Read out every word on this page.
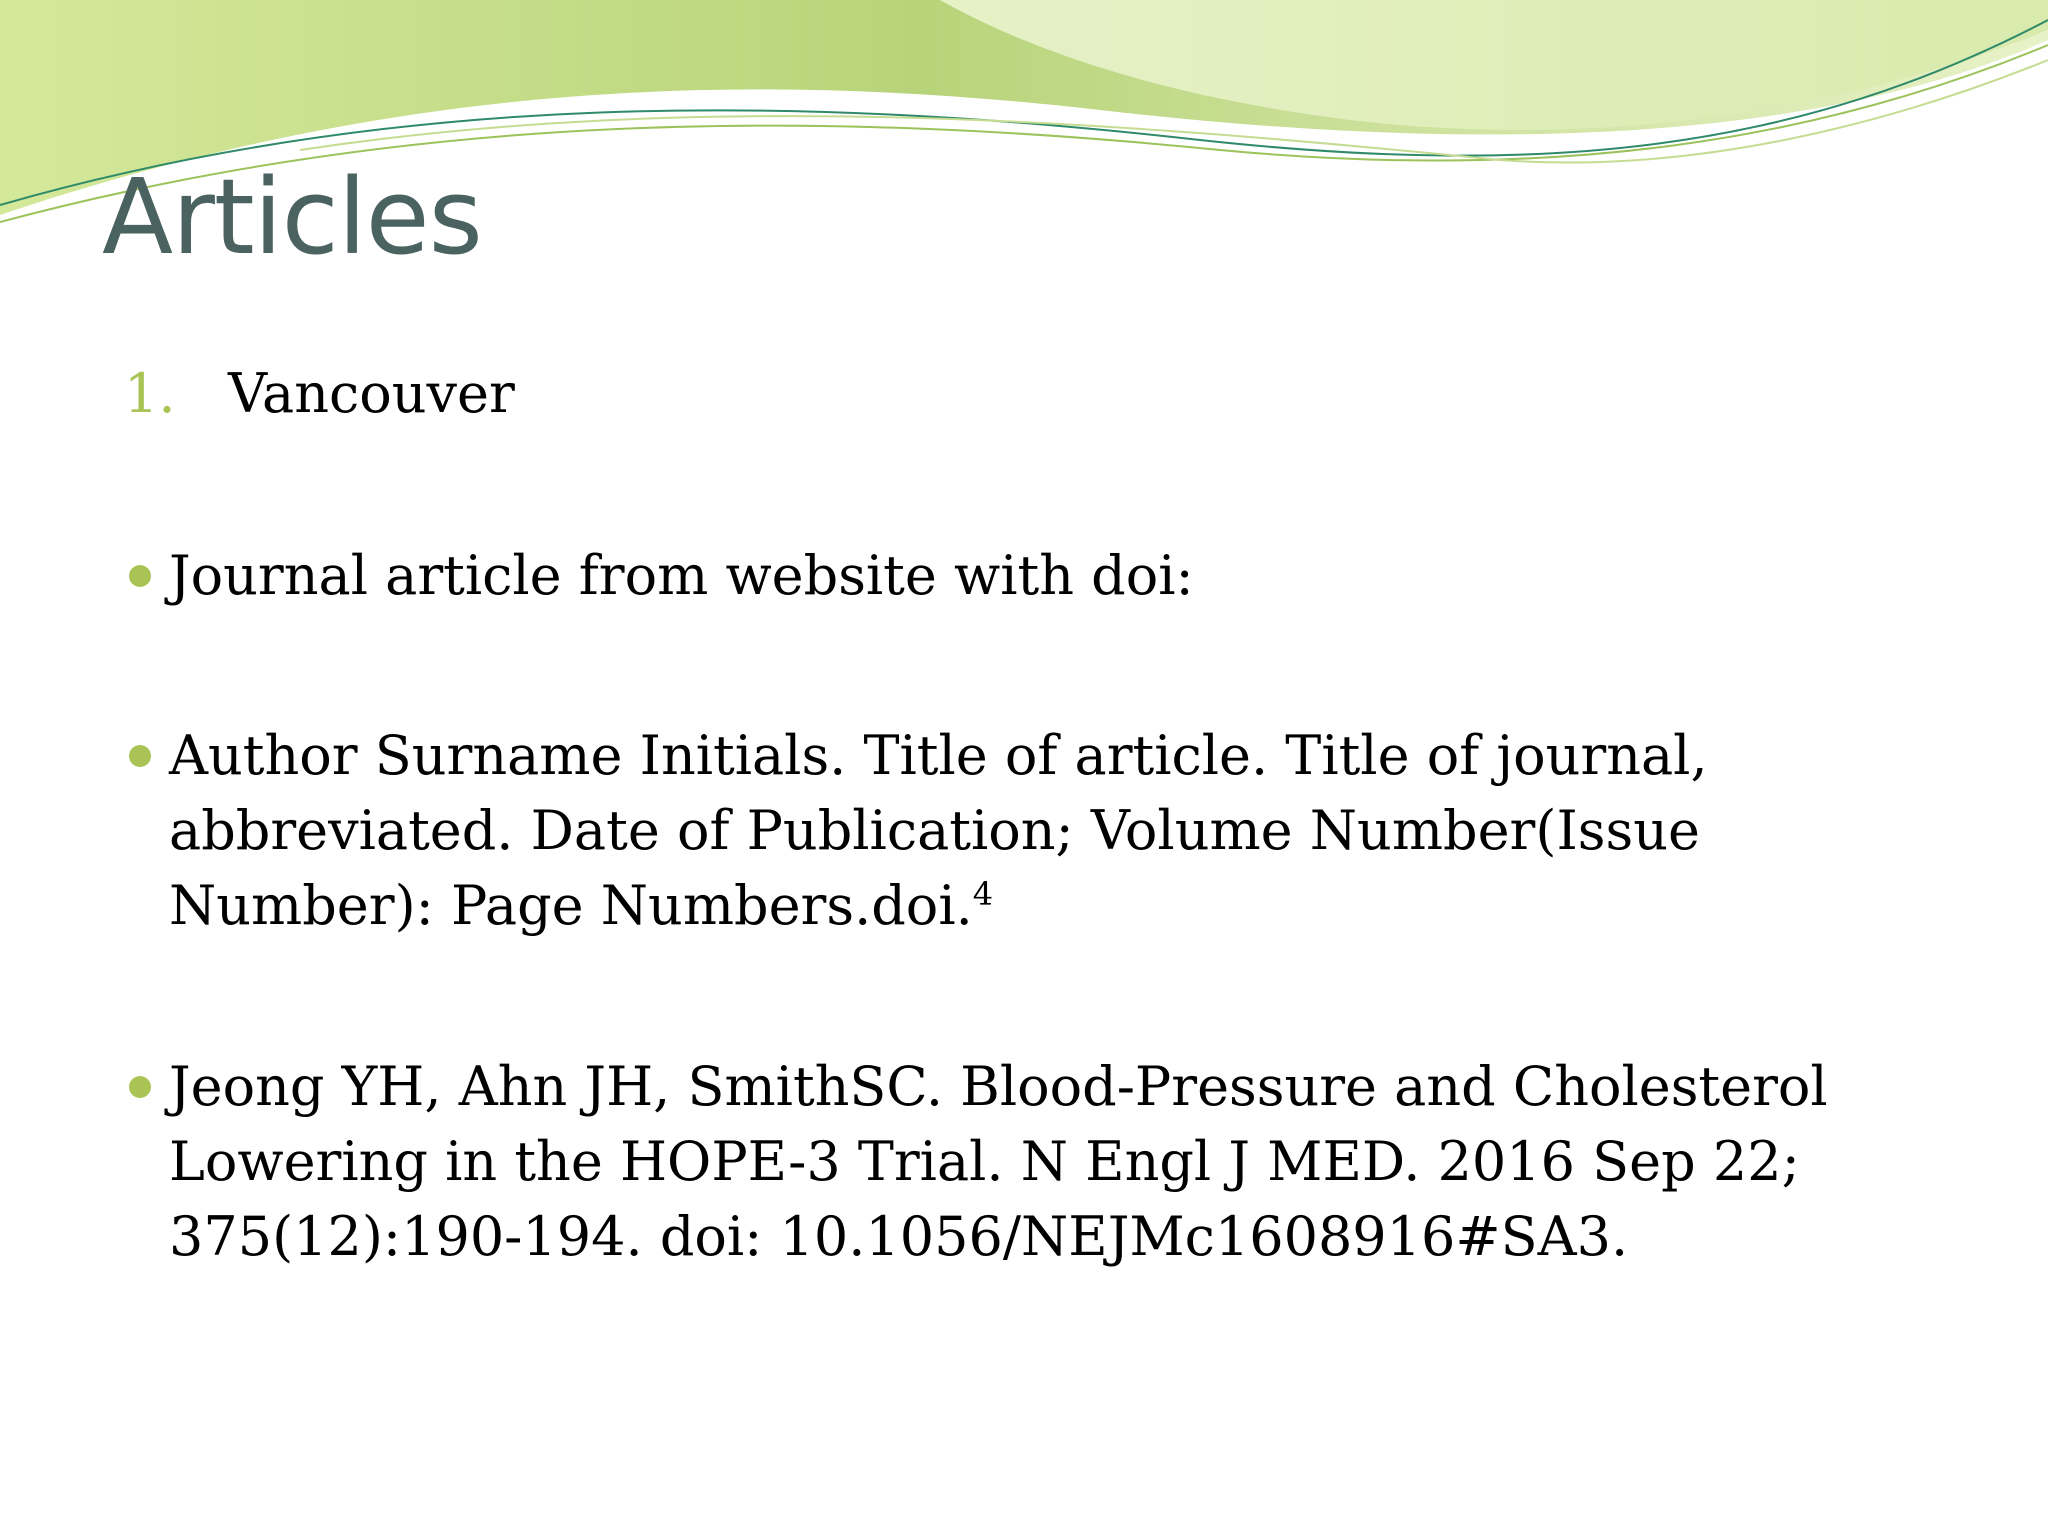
Articles
1. Vancouver
Journal article from website with doi:
Author Surname Initials. Title of article. Title of journal, abbreviated. Date of Publication; Volume Number(Issue Number): Page Numbers.doi.$^4$
Jeong YH, Ahn JH, SmithSC. Blood-Pressure and Cholesterol Lowering in the HOPE-3 Trial. N Engl J MED. 2016 Sep 22; 375(12):190-194. doi: 10.1056/NEJMc1608916#SA3.
